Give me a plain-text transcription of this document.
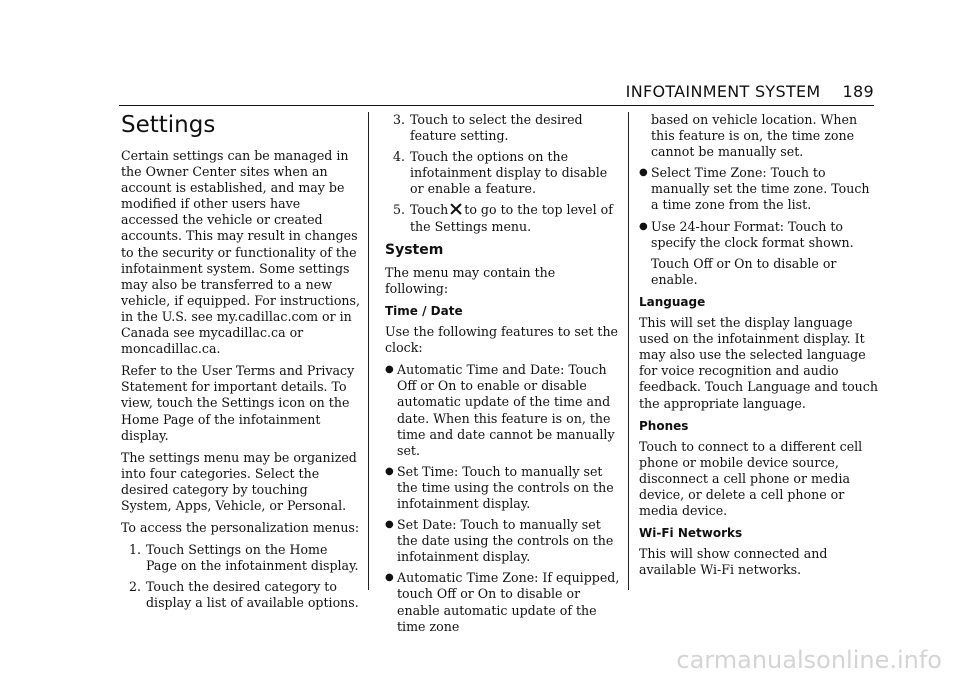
INFOTAINMENT SYSTEM 189
Settings

Certain settings can be managed in the Owner Center sites when an account is established, and may be modified if other users have accessed the vehicle or created accounts. This may result in changes to the security or functionality of the infotainment system. Some settings may also be transferred to a new vehicle, if equipped. For instructions, in the U.S. see my.cadillac.com or in Canada see mycadillac.ca or moncadillac.ca.

Refer to the User Terms and Privacy Statement for important details. To view, touch the Settings icon on the Home Page of the infotainment display.

The settings menu may be organized into four categories. Select the desired category by touching System, Apps, Vehicle, or Personal.

To access the personalization menus:

1. Touch Settings on the Home Page on the infotainment display.
2. Touch the desired category to display a list of available options.
3. Touch to select the desired feature setting.
4. Touch the options on the infotainment display to disable or enable a feature.
5. Touch to go to the top level of the Settings menu.
System

The menu may contain the following:

Time / Date

Use the following features to set the clock:

● Automatic Time and Date: Touch Off or On to enable or disable automatic update of the time and date. When this feature is on, the time and date cannot be manually set.
● Set Time: Touch to manually set the time using the controls on the infotainment display.
● Set Date: Touch to manually set the date using the controls on the infotainment display.
● Automatic Time Zone: If equipped, touch Off or On to disable or enable automatic update of the time zone

based on vehicle location. When this feature is on, the time zone cannot be manually set.

● Select Time Zone: Touch to manually set the time zone. Touch a time zone from the list.
● Use 24-hour Format: Touch to specify the clock format shown.

Touch Off or On to disable or enable.

Language

This will set the display language used on the infotainment display. It may also use the selected language for voice recognition and audio feedback. Touch Language and touch the appropriate language.

Phones

Touch to connect to a different cell phone or mobile device source, disconnect a cell phone or media device, or delete a cell phone or media device.

Wi-Fi Networks

This will show connected and available Wi-Fi networks.

carmanualsonline.info
